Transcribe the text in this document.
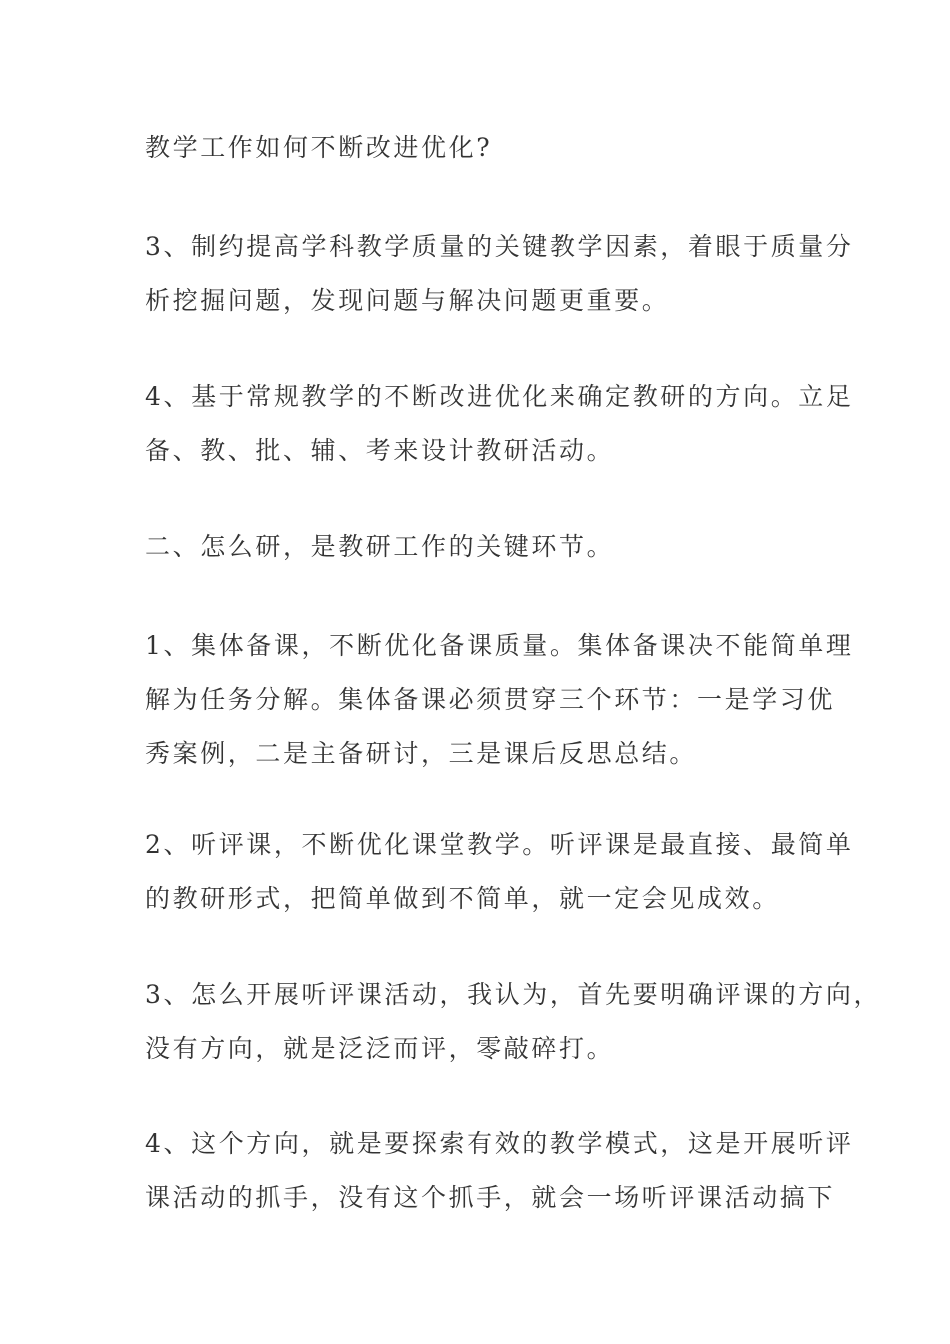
教学工作如何不断改进优化?

3、制约提高学科教学质量的关键教学因素，着眼于质量分
析挖掘问题，发现问题与解决问题更重要。

4、基于常规教学的不断改进优化来确定教研的方向。立足
备、教、批、辅、考来设计教研活动。

二、怎么研，是教研工作的关键环节。

1、集体备课，不断优化备课质量。集体备课决不能简单理
解为任务分解。集体备课必须贯穿三个环节：一是学习优
秀案例，二是主备研讨，三是课后反思总结。

2、听评课，不断优化课堂教学。听评课是最直接、最简单
的教研形式，把简单做到不简单，就一定会见成效。

3、怎么开展听评课活动，我认为，首先要明确评课的方向，
没有方向，就是泛泛而评，零敲碎打。

4、这个方向，就是要探索有效的教学模式，这是开展听评
课活动的抓手，没有这个抓手，就会一场听评课活动搞下
